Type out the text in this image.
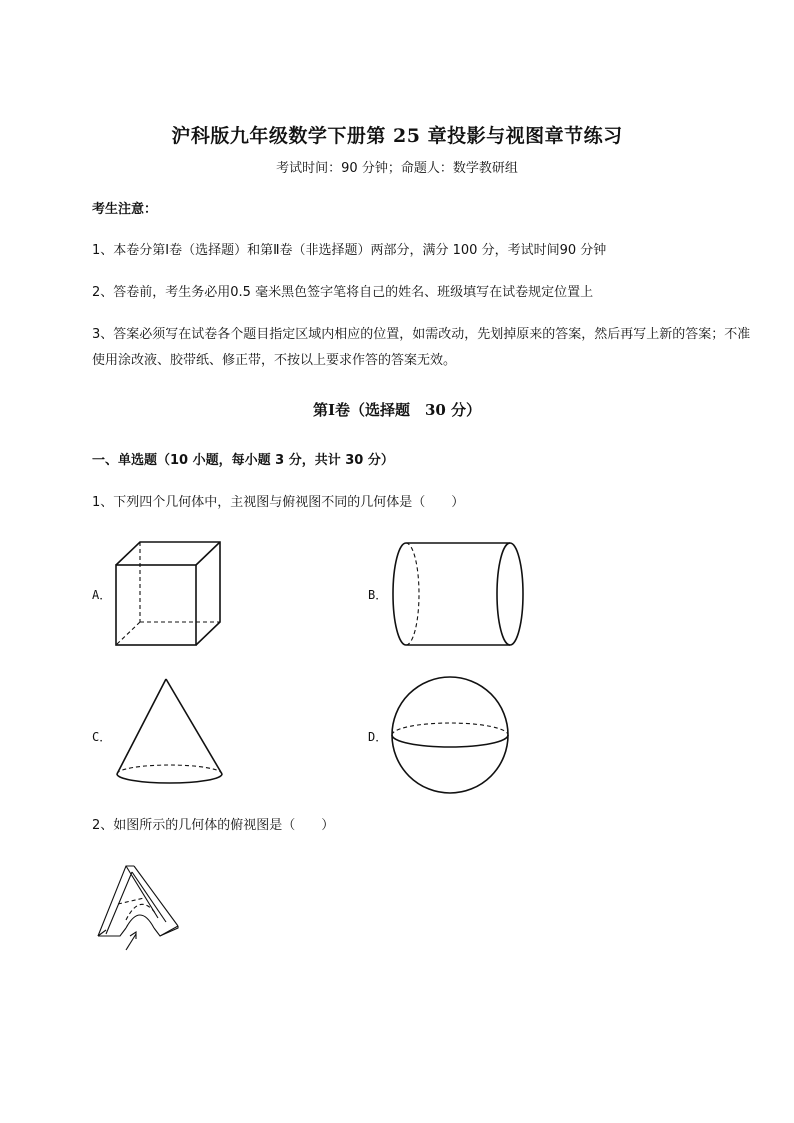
沪科版九年级数学下册第 25 章投影与视图章节练习
考试时间：90 分钟；命题人：数学教研组
考生注意：
1、本卷分第Ⅰ卷（选择题）和第Ⅱ卷（非选择题）两部分，满分 100 分，考试时间90 分钟
2、答卷前，考生务必用0.5 毫米黑色签字笔将自己的姓名、班级填写在试卷规定位置上
3、答案必须写在试卷各个题目指定区域内相应的位置，如需改动，先划掉原来的答案，然后再写上新的答案；不准使用涂改液、胶带纸、修正带，不按以上要求作答的答案无效。
第Ⅰ卷（选择题　30 分）
一、单选题（10 小题，每小题 3 分，共计 30 分）
1、下列四个几何体中，主视图与俯视图不同的几何体是（　　）
A．	B．
C．	D．
2、如图所示的几何体的俯视图是（　　）
